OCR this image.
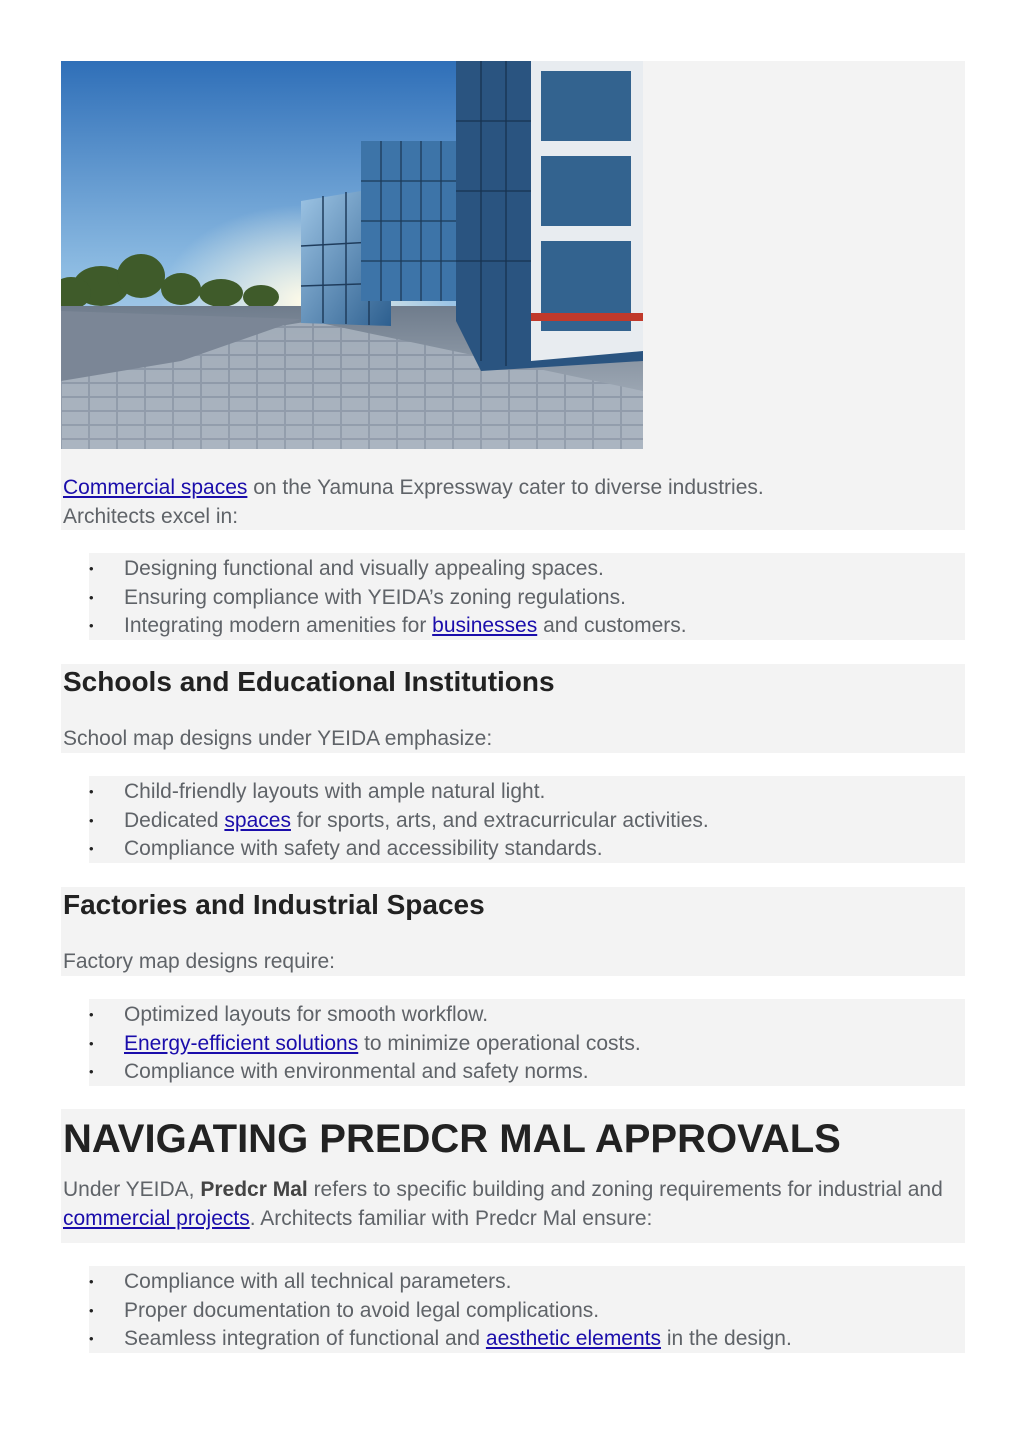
Commercial spaces on the Yamuna Expressway cater to diverse industries.
Architects excel in:
• Designing functional and visually appealing spaces.
• Ensuring compliance with YEIDA’s zoning regulations.
• Integrating modern amenities for businesses and customers.
Schools and Educational Institutions
School map designs under YEIDA emphasize:
• Child-friendly layouts with ample natural light.
• Dedicated spaces for sports, arts, and extracurricular activities.
• Compliance with safety and accessibility standards.
Factories and Industrial Spaces
Factory map designs require:
• Optimized layouts for smooth workflow.
• Energy-efficient solutions to minimize operational costs.
• Compliance with environmental and safety norms.
NAVIGATING PREDCR MAL APPROVALS
Under YEIDA, Predcr Mal refers to specific building and zoning requirements for industrial and commercial projects. Architects familiar with Predcr Mal ensure:
• Compliance with all technical parameters.
• Proper documentation to avoid legal complications.
• Seamless integration of functional and aesthetic elements in the design.
